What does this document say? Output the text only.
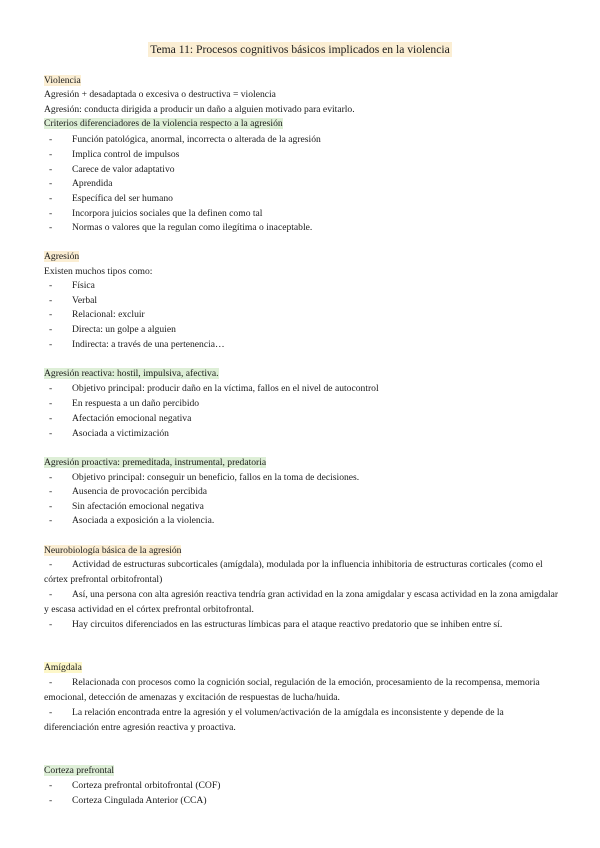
Tema 11: Procesos cognitivos básicos implicados en la violencia
Violencia
Agresión + desadaptada o excesiva o destructiva = violencia
Agresión: conducta dirigida a producir un daño a alguien motivado para evitarlo.
Criterios diferenciadores de la violencia respecto a la agresión
- Función patológica, anormal, incorrecta o alterada de la agresión
- Implica control de impulsos
- Carece de valor adaptativo
- Aprendida
- Específica del ser humano
- Incorpora juicios sociales que la definen como tal
- Normas o valores que la regulan como ilegítima o inaceptable.
Agresión
Existen muchos tipos como:
- Física
- Verbal
- Relacional: excluir
- Directa: un golpe a alguien
- Indirecta: a través de una pertenencia…
Agresión reactiva: hostil, impulsiva, afectiva.
- Objetivo principal: producir daño en la víctima, fallos en el nivel de autocontrol
- En respuesta a un daño percibido
- Afectación emocional negativa
- Asociada a victimización
Agresión proactiva: premeditada, instrumental, predatoria
- Objetivo principal: conseguir un beneficio, fallos en la toma de decisiones.
- Ausencia de provocación percibida
- Sin afectación emocional negativa
- Asociada a exposición a la violencia.
Neurobiología básica de la agresión
- Actividad de estructuras subcorticales (amígdala), modulada por la influencia inhibitoria de estructuras corticales (como el córtex prefrontal orbitofrontal)
- Así, una persona con alta agresión reactiva tendría gran actividad en la zona amigdalar y escasa actividad en la zona amigdalar y escasa actividad en el córtex prefrontal orbitofrontal.
- Hay circuitos diferenciados en las estructuras límbicas para el ataque reactivo predatorio que se inhiben entre sí.
Amígdala
- Relacionada con procesos como la cognición social, regulación de la emoción, procesamiento de la recompensa, memoria emocional, detección de amenazas y excitación de respuestas de lucha/huida.
- La relación encontrada entre la agresión y el volumen/activación de la amígdala es inconsistente y depende de la diferenciación entre agresión reactiva y proactiva.
Corteza prefrontal
- Corteza prefrontal orbitofrontal (COF)
- Corteza Cingulada Anterior (CCA)
